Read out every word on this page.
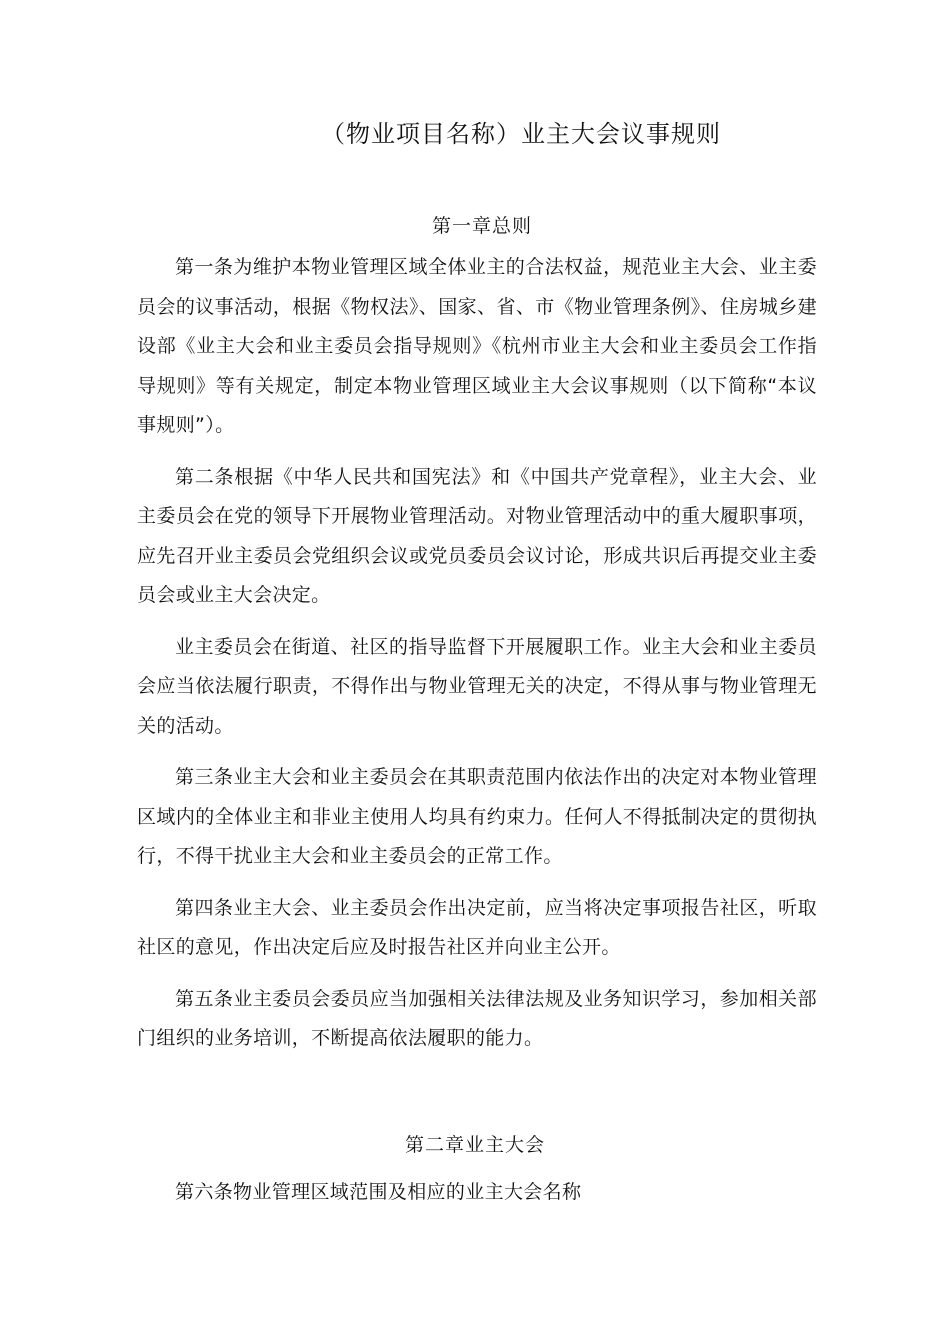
（物业项目名称）业主大会议事规则
第一章总则

第一条为维护本物业管理区域全体业主的合法权益，规范业主大会、业主委员会的议事活动，根据《物权法》、国家、省、市《物业管理条例》、住房城乡建设部《业主大会和业主委员会指导规则》《杭州市业主大会和业主委员会工作指导规则》等有关规定，制定本物业管理区域业主大会议事规则（以下简称“本议事规则”）。

第二条根据《中华人民共和国宪法》和《中国共产党章程》，业主大会、业主委员会在党的领导下开展物业管理活动。对物业管理活动中的重大履职事项，应先召开业主委员会党组织会议或党员委员会议讨论，形成共识后再提交业主委员会或业主大会决定。

业主委员会在街道、社区的指导监督下开展履职工作。业主大会和业主委员会应当依法履行职责，不得作出与物业管理无关的决定，不得从事与物业管理无关的活动。

第三条业主大会和业主委员会在其职责范围内依法作出的决定对本物业管理区域内的全体业主和非业主使用人均具有约束力。任何人不得抵制决定的贯彻执行，不得干扰业主大会和业主委员会的正常工作。

第四条业主大会、业主委员会作出决定前，应当将决定事项报告社区，听取社区的意见，作出决定后应及时报告社区并向业主公开。

第五条业主委员会委员应当加强相关法律法规及业务知识学习，参加相关部门组织的业务培训，不断提高依法履职的能力。

第二章业主大会

第六条物业管理区域范围及相应的业主大会名称
